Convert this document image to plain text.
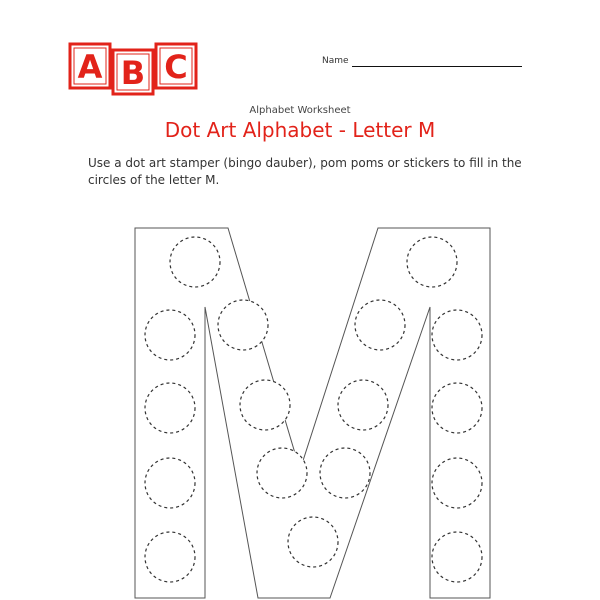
A B C	Name
Alphabet Worksheet
Dot Art Alphabet - Letter M
Use a dot art stamper (bingo dauber), pom poms or stickers to fill in the circles of the letter M.
